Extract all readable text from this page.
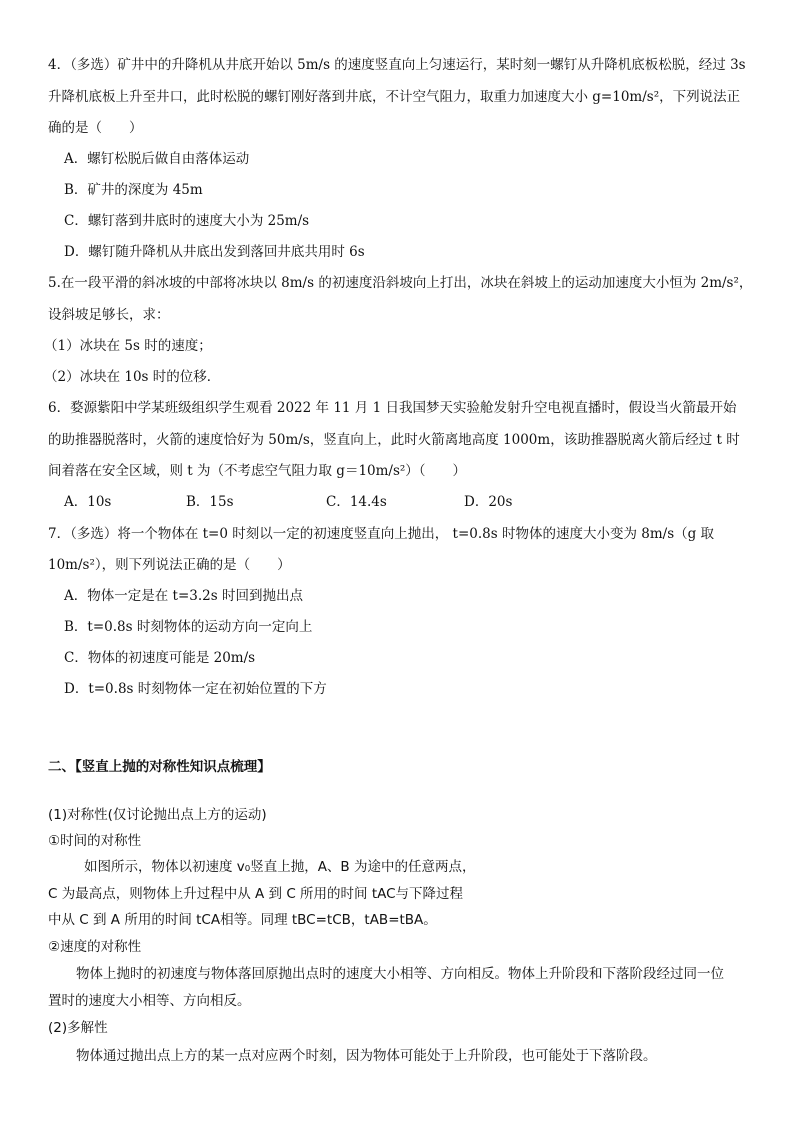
4．（多选）矿井中的升降机从井底开始以 5m/s 的速度竖直向上匀速运行，某时刻一螺钉从升降机底板松脱，经过 3s
升降机底板上升至井口，此时松脱的螺钉刚好落到井底，不计空气阻力，取重力加速度大小 g=10m/s²，下列说法正
确的是（　　）
A．螺钉松脱后做自由落体运动
B．矿井的深度为 45m
C．螺钉落到井底时的速度大小为 25m/s
D．螺钉随升降机从井底出发到落回井底共用时 6s
5.在一段平滑的斜冰坡的中部将冰块以 8m/s 的初速度沿斜坡向上打出，冰块在斜坡上的运动加速度大小恒为 2m/s²，
设斜坡足够长，求：
（1）冰块在 5s 时的速度；
（2）冰块在 10s 时的位移．
6．婺源紫阳中学某班级组织学生观看 2022 年 11 月 1 日我国梦天实验舱发射升空电视直播时，假设当火箭最开始
的助推器脱落时，火箭的速度恰好为 50m/s，竖直向上，此时火箭离地高度 1000m，该助推器脱离火箭后经过 t 时
间着落在安全区域，则 t 为（不考虑空气阻力取 g＝10m/s²）（　　）
A．10s	B．15s	C．14.4s	D．20s
7．（多选）将一个物体在 t=0 时刻以一定的初速度竖直向上抛出， t=0.8s 时物体的速度大小变为 8m/s（g 取
10m/s²），则下列说法正确的是（　　）
A．物体一定是在 t=3.2s 时回到抛出点
B．t=0.8s 时刻物体的运动方向一定向上
C．物体的初速度可能是 20m/s
D．t=0.8s 时刻物体一定在初始位置的下方
二、【竖直上抛的对称性知识点梳理】
(1)对称性(仅讨论抛出点上方的运动)
①时间的对称性
如图所示，物体以初速度 v₀竖直上抛，A、B 为途中的任意两点，
C 为最高点，则物体上升过程中从 A 到 C 所用的时间 tAC与下降过程
中从 C 到 A 所用的时间 tCA相等。同理 tBC=tCB，tAB=tBA。
②速度的对称性
物体上抛时的初速度与物体落回原抛出点时的速度大小相等、方向相反。物体上升阶段和下落阶段经过同一位
置时的速度大小相等、方向相反。
(2)多解性
物体通过抛出点上方的某一点对应两个时刻，因为物体可能处于上升阶段，也可能处于下落阶段。
